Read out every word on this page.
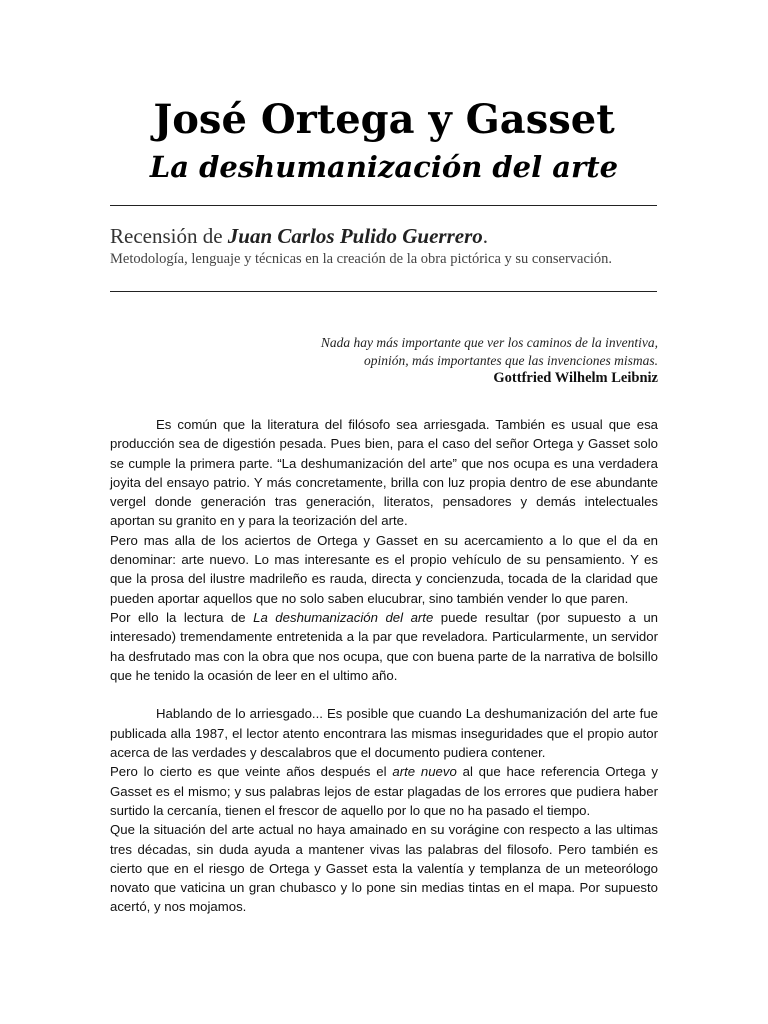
José Ortega y Gasset
La deshumanización del arte
Recensión de Juan Carlos Pulido Guerrero.
Metodología, lenguaje y técnicas en la creación de la obra pictórica y su conservación.
Nada hay más importante que ver los caminos de la inventiva,
opinión, más importantes que las invenciones mismas.
Gottfried Wilhelm Leibniz

Es común que la literatura del filósofo sea arriesgada. También es usual que esa producción sea de digestión pesada. Pues bien, para el caso del señor Ortega y Gasset solo se cumple la primera parte. “La deshumanización del arte” que nos ocupa es una verdadera joyita del ensayo patrio. Y más concretamente, brilla con luz propia dentro de ese abundante vergel donde generación tras generación, literatos, pensadores y demás intelectuales aportan su granito en y para la teorización del arte.

Pero mas alla de los aciertos de Ortega y Gasset en su acercamiento a lo que el da en denominar: arte nuevo. Lo mas interesante es el propio vehículo de su pensamiento. Y es que la prosa del ilustre madrileño es rauda, directa y concienzuda, tocada de la claridad que pueden aportar aquellos que no solo saben elucubrar, sino también vender lo que paren.

Por ello la lectura de La deshumanización del arte puede resultar (por supuesto a un interesado) tremendamente entretenida a la par que reveladora. Particularmente, un servidor ha desfrutado mas con la obra que nos ocupa, que con buena parte de la narrativa de bolsillo que he tenido la ocasión de leer en el ultimo año.

Hablando de lo arriesgado... Es posible que cuando La deshumanización del arte fue publicada alla 1987, el lector atento encontrara las mismas inseguridades que el propio autor acerca de las verdades y descalabros que el documento pudiera contener.

Pero lo cierto es que veinte años después el arte nuevo al que hace referencia Ortega y Gasset es el mismo; y sus palabras lejos de estar plagadas de los errores que pudiera haber surtido la cercanía, tienen el frescor de aquello por lo que no ha pasado el tiempo.

Que la situación del arte actual no haya amainado en su vorágine con respecto a las ultimas tres décadas, sin duda ayuda a mantener vivas las palabras del filosofo. Pero también es cierto que en el riesgo de Ortega y Gasset esta la valentía y templanza de un meteorólogo novato que vaticina un gran chubasco y lo pone sin medias tintas en el mapa. Por supuesto acertó, y nos mojamos.
